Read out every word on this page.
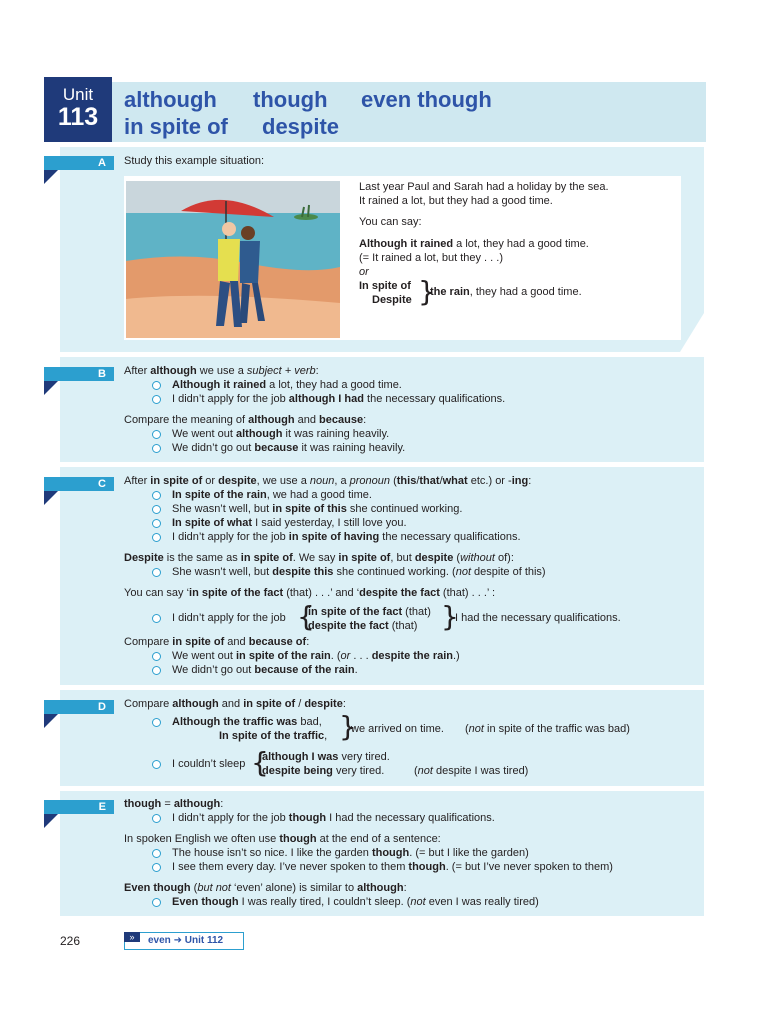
Unit
113
although though even though
in spite of despite
A	Study this example situation:
Last year Paul and Sarah had a holiday by the sea.
It rained a lot, but they had a good time.
You can say:
Although it rained a lot, they had a good time.
(= It rained a lot, but they . . .)
or
In spite of
Despite }
the rain, they had a good time.
B	After although we use a subject + verb:
Although it rained a lot, they had a good time.
I didn’t apply for the job although I had the necessary qualifications.
Compare the meaning of although and because:
We went out although it was raining heavily.
We didn’t go out because it was raining heavily.
C	After in spite of or despite, we use a noun, a pronoun (this/that/what etc.) or -ing:
In spite of the rain, we had a good time.
She wasn’t well, but in spite of this she continued working.
In spite of what I said yesterday, I still love you.
I didn’t apply for the job in spite of having the necessary qualifications.
Despite is the same as in spite of. We say in spite of, but despite (without of):
She wasn’t well, but despite this she continued working. (not despite of this)
You can say ‘in spite of the fact (that) . . .’ and ‘despite the fact (that) . . .’ :
I didn’t apply for the job {
in spite of the fact (that)
despite the fact (that) }
I had the necessary qualifications.
Compare in spite of and because of:
We went out in spite of the rain. (or . . . despite the rain.)
We didn’t go out because of the rain.
D	Compare although and in spite of / despite:
Although the traffic was bad,
In spite of the traffic, }
we arrived on time. (not in spite of the traffic was bad)
I couldn’t sleep {
although I was very tired.
despite being very tired.	(not despite I was tired)
E	though = although:
I didn’t apply for the job though I had the necessary qualifications.
In spoken English we often use though at the end of a sentence:
The house isn’t so nice. I like the garden though. (= but I like the garden)
I see them every day. I’ve never spoken to them though. (= but I’ve never spoken to them)
Even though (but not ‘even’ alone) is similar to although:
Even though I was really tired, I couldn’t sleep. (not even I was really tired)
226	»	even ➜ Unit 112
